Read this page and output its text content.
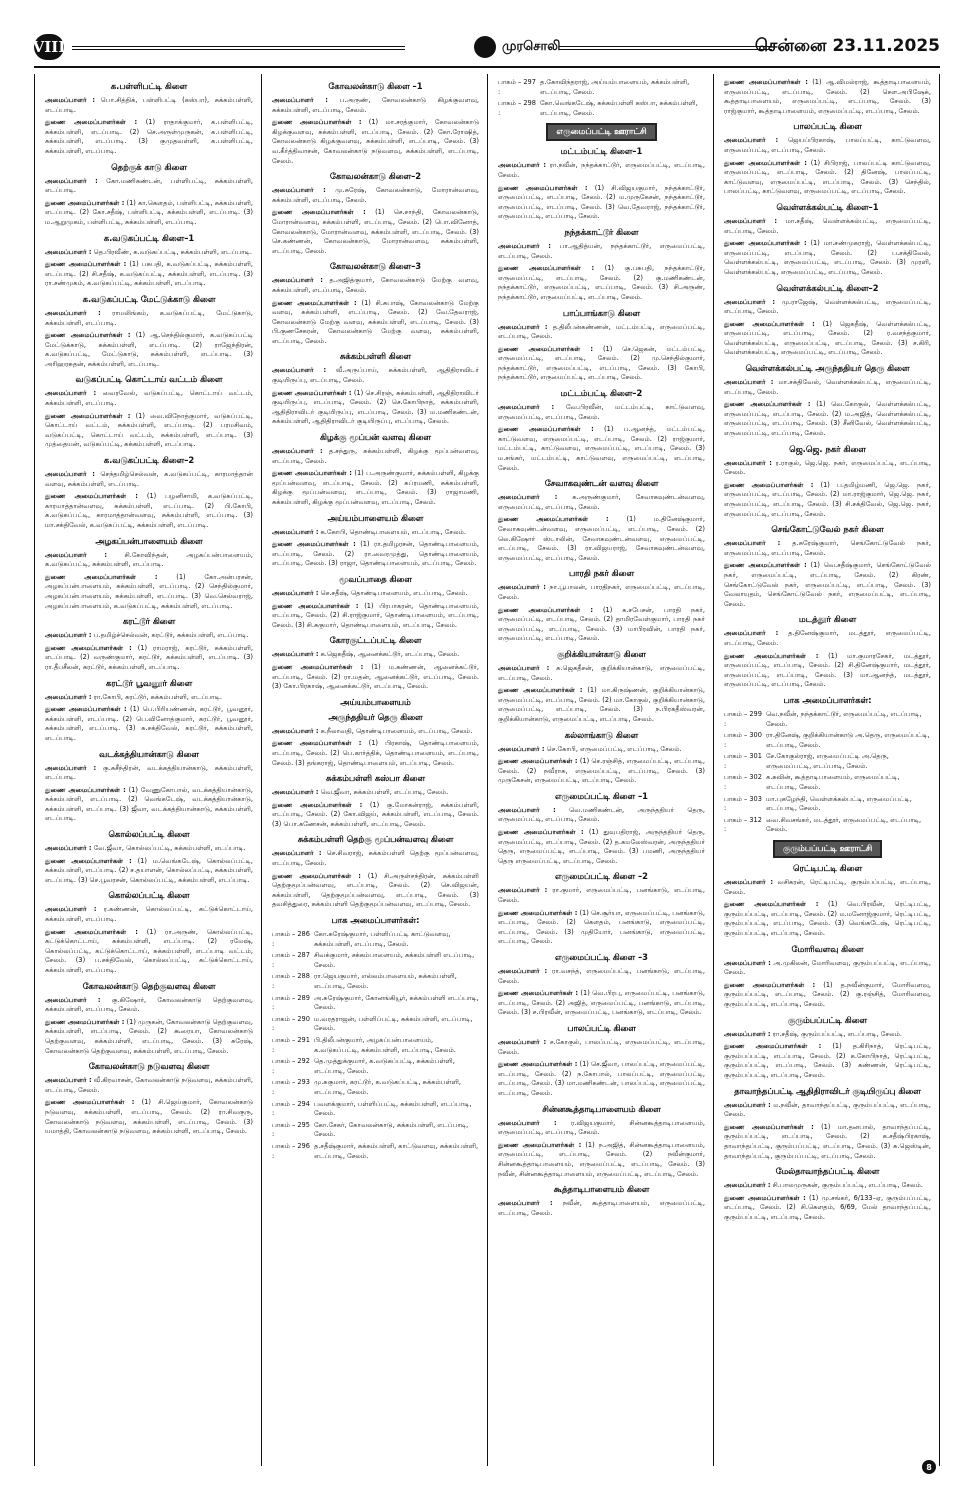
VIII	முரசொலி	சென்னை 23.11.2025
க.பள்ளிபட்டி கிளை

அமைப்பாளர் : பொ.சித்திக், பள்ளிபட்டி (கஸ்பா), சுக்கம்பள்ளி, எடப்பாடி.

துணை அமைப்பாளர்கள் : (1) ராதாக்குமார், க.பள்ளிபட்டி, சுக்கம்பள்ளி, எடப்பாடி. (2) செ.அருள்முருகன், க.பள்ளிபட்டி, சுக்கம்பள்ளி, எடப்பாடி. (3) குமுதவள்ளி, க.பள்ளிபட்டி, சுக்கம்பள்ளி, எடப்பாடி.

தெற்குக் காடு கிளை

அமைப்பாளர் : கோ.மணிகண்டன், பள்ளிபட்டி, சுக்கம்பள்ளி, எடப்பாடி.

துணை அமைப்பாளர்கள் : (1) கா.கௌதம், பள்ளிபட்டி, சுக்கம்பள்ளி, எடப்பாடி. (2) கோ.சதீஷ், பள்ளிபட்டி, சுக்கம்பள்ளி, எடப்பாடி. (3) ம.ஆறுமுகம், பள்ளிபட்டி, சுக்கம்பள்ளி, எடப்பாடி.

க.வடுகப்பட்டி கிளை–1

அமைப்பாளர் : தெ.பிரவீண், க.வடுகப்பட்டி, சுக்கம்பள்ளி, எடப்பாடி.

துணை அமைப்பாளர்கள் : (1) பசுபதி, க.வடுகப்பட்டி, சுக்கம்பள்ளி, எடப்பாடி. (2) சி.சதீஷ், க.வடுகப்பட்டி, சுக்கம்பள்ளி, எடப்பாடி. (3) ரா.சண்முகம், க.வடுகப்பட்டி, சுக்கம்பள்ளி, எடப்பாடி.

க.வடுகப்பட்டி மேட்டுக்காடு கிளை

அமைப்பாளர் : ராமலிங்கம், க.வடுகப்பட்டி, மேட்டுகாடு, சுக்கம்பள்ளி, எடப்பாடி.

துணை அமைப்பாளர்கள் : (1) ஆ.செந்தில்குமார், க.வடுகப்பட்டி மேட்டுக்காடு, சுக்கம்பள்ளி, எடப்பாடி. (2) ராஜேந்திரன், க.வடுகப்பட்டி, மேட்டுகாடு, சுக்கம்பள்ளி, எடப்பாடி. (3) அரிஹரசுதன், சுக்கம்பள்ளி, எடப்பாடி.

வடுகப்பட்டி கொட்டாய் வட்டம் கிளை

அமைப்பாளர் : வைரவேல், வடுகப்பட்டி, கொட்டாய் வட்டம், சுக்கம்பள்ளி, எடப்பாடி.

துணை அமைப்பாளர்கள் : (1) வை.விநோத்குமார், வடுகப்பட்டி, கொட்டாய் வட்டம், சுக்கம்பள்ளி, எடப்பாடி. (2) பரமசிவம், வடுகப்பட்டி, கொட்டாய் வட்டம், சுக்கம்பள்ளி, எடப்பாடி. (3) முத்தையன், வடுகப்பட்டி, சுக்கம்பள்ளி, எடப்பாடி.

க.வடுகப்பட்டி கிளை–2

அமைப்பாளர் : செந்தமிழ்செல்வன், க.வடுகப்பட்டி, காரமாத்தான் வளவு, சுக்கம்பள்ளி, எடப்பாடி.

துணை அமைப்பாளர்கள் : (1) பழனிசாமி, க.வடுகப்பட்டி, காரமாத்தான்வளவு, சுக்கம்பள்ளி, எடப்பாடி. (2) பி.கோபி, க.வடுகப்பட்டி, காரமாத்தான்வளவு, சுக்கம்பள்ளி, எடப்பாடி. (3) மா.சக்திவேல், க.வடுகப்பட்டி, சுக்கம்பள்ளி, எடப்பாடி.

அழகப்பன்பாளையம் கிளை

அமைப்பாளர் :	சி.கோவிந்தன், அழகப்பன்பாளையம், க.வடுகப்பட்டி, சுக்கம்பள்ளி, எடப்பாடி.

துணை அமைப்பாளர்கள் :	(1) கோ.அன்பரசன், அழகப்பன்பாளையம், சுக்கம்பள்ளி, எடப்பாடி. (2) செந்தில்குமார், அழகப்பன்பாளையம், சுக்கம்பள்ளி, எடப்பாடி. (3) வெ.செல்வராஜ், அழகப்பன்பாளையம், க.வடுகப்பட்டி, சுக்கம்பள்ளி, எடப்பாடி.

கரட்டூர் கிளை

அமைப்பாளர் : ப.தமிழ்ச்செல்வன், கரட்டூர், சுக்கம்பள்ளி, எடப்பாடி.

துணை அமைப்பாளர்கள் : (1) ராமராஜ், கரட்டூர், சுக்கம்பள்ளி, எடப்பாடி. (2) வருண்குமார், கரட்டூர், சுக்கம்பள்ளி, எடப்பாடி. (3) ரா.தீபசீலன், கரட்டூர், சுக்கம்பள்ளி, எடப்பாடி.

கரட்டூர் பூவனூர் கிளை

அமைப்பாளர் : ரா.கோபி, கரட்டூர், சுக்கம்பள்ளி, எடப்பாடி.

துணை அமைப்பாளர்கள் : (1) பெ.பிரியண்ணன், கரட்டூர், பூவனூர், சுக்கம்பள்ளி, எடப்பாடி. (2) பெ.வினோத்குமார், கரட்டூர், பூவனூர், சுக்கம்பள்ளி, எடப்பாடி. (3) சு.சக்திவேல், கரட்டூர், சுக்கம்பள்ளி, எடப்பாடி.

வடக்கத்தியான்காடு கிளை

அமைப்பாளர் : கு.சுசீந்திரன், வடக்கத்தியான்காடு, சுக்கம்பள்ளி, எடப்பாடி.

துணை அமைப்பாளர்கள் : (1) வேணுகோபால், வடக்கத்தியான்காடு, சுக்கம்பள்ளி, எடப்பாடி. (2) வெங்கடேஷ், வடக்கத்தியான்காடு, சுக்கம்பள்ளி, எடப்பாடி. (3) ஜீவா, வடக்கத்தியான்காடு, சுக்கம்பள்ளி, எடப்பாடி.

கொல்லப்பட்டி கிளை

அமைப்பாளர் : வே.ஜீவா, கொல்லப்பட்டி, சுக்கம்பள்ளி, எடப்பாடி.

துணை அமைப்பாளர்கள் : (1) ம.வெங்கடேஷ், கொல்லப்பட்டி, சுக்கம்பள்ளி, எடப்பாடி. (2) ச.தயாளன், கொல்லப்பட்டி, சுக்கம்பள்ளி, எடப்பாடி. (3) செ.பூவரசன், கொல்லப்பட்டி, சுக்கம்பள்ளி, எடப்பாடி.

கொல்லப்பட்டி கிளை

அமைப்பாளர் : ர.கண்ணன், கொல்லப்பட்டி, கட்டுக்கொட்டாய், சுக்கம்பள்ளி, எடப்பாடி.

துணை அமைப்பாளர்கள் : (1) ரா.அருண், கொல்லப்பட்டி, கட்டுக்கொட்டாய், சுக்கம்பள்ளி, எடப்பாடி. (2) ரமேஷ், கொல்லப்பட்டி, கட்டுக்கொட்டாய், சுக்கம்பள்ளி, எடப்பாடி வட்டம், சேலம். (3) ப.சக்திவேல், கொல்லப்பட்டி, கட்டுக்கொட்டாய், சுக்கம்பள்ளி, எடப்பாடி.

கோவலன்காடு தெற்குவளவு கிளை

அமைப்பாளர் : கு.கிஷோர், கோவலன்காடு தெற்குவளவு, சுக்கம்பள்ளி, எடப்பாடி, சேலம்.

துணை அமைப்பாளர்கள் : (1) முருகன், கோவலன்காடு தெற்குவளவு, சுக்கம்பள்ளி, எடப்பாடி, சேலம். (2) கூரையா, கோவலன்காடு தெற்குவளவு, சுக்கம்பள்ளி, எடப்பாடி, சேலம். (3) சுரேஷ், கோவலன்காடு தெற்குவளவு, சுக்கம்பள்ளி, எடப்பாடி, சேலம்.

கோவலன்காடு நடுவளவு கிளை

அமைப்பாளர் : வீ.கிரவாசன், கோவலன்காடு நடுவளவு, சுக்கம்பள்ளி, எடப்பாடி, சேலம்.

துணை அமைப்பாளர்கள் : (1) சி.ஜெய்குமார், கோவலன்காடு நடுவளவு, சுக்கம்பள்ளி, எடப்பாடி, சேலம். (2) ரா.சிவகுரு, கோவலன்காடு நடுவளவு, சுக்கம்பள்ளி, எடப்பாடி, சேலம். (3) யமாத்தி, கோவலன்காடு நடுவளவு, சுக்கம்பள்ளி, எடப்பாடி, சேலம்.

கோவலன்காடு கிளை –1

அமைப்பாளர் : ப.அருண், கோவலன்காடு கிழக்குவளவு, சுக்கம்பள்ளி, எடப்பாடி, சேலம்.

துணை அமைப்பாளர்கள் : (1) மா.சரத்குமார், கோவலன்காடு கிழக்குவளவு, சுக்கம்பள்ளி, எடப்பாடி, சேலம். (2) கோ.ரோஷித், கோவலன்காடு கிழக்குவளவு, சுக்கம்பள்ளி, எடப்பாடி, சேலம். (3) வ.கீர்த்திவாசன், கோவலன்காடு நடுவளவு, சுக்கம்பள்ளி, எடப்பாடி, சேலம்.

கோவலன்காடு கிளை–2

அமைப்பாளர் : மு.சுரேஷ், கோவலன்காடு, மோரான்வளவு, சுக்கம்பள்ளி, எடப்பாடி, சேலம்.

துணை அமைப்பாளர்கள் : (1) செ.சாந்தி, கோவலன்காடு, மோரான்வளவு, சுக்கம்பள்ளி, எடப்பாடி, சேலம். (2) பொ.வினோத், கோவலன்காடு, மோரான்வளவு, சுக்கம்பள்ளி, எடப்பாடி, சேலம். (3) செ.கண்ணன், கோவலன்காடு, மோரான்வளவு, சுக்கம்பள்ளி, எடப்பாடி, சேலம்.

கோவலன்காடு கிளை–3

அமைப்பாளர் : த.அஜித்குமார், கோவலன்காடு மேற்கு வளவு, சுக்கம்பள்ளி, எடப்பாடி, சேலம்.

துணை அமைப்பாளர்கள் : (1) சி.சுபாஷ், கோவலன்காடு மேற்கு வளவு, சுக்கம்பள்ளி, எடப்பாடி, சேலம். (2) வே.தேவராஜ், கோவலன்காடு மேற்கு வளவு, சுக்கம்பள்ளி, எடப்பாடி, சேலம். (3) பி.குணசேகரன், கோவலன்காடு மேற்கு வளவு, சுக்கம்பள்ளி, எடப்பாடி, சேலம்.

சுக்கம்பள்ளி கிளை

அமைப்பாளர் : வீ.அருப்பாய், சுக்கம்பள்ளி, ஆதிதிராவிடர் குடியிருப்பு, எடப்பாடி, சேலம்.

துணை அமைப்பாளர்கள் : (1) செ.சிரஞ், சுக்கம்பள்ளி, ஆதிதிராவிடர் குடியிருப்பு, எடப்பாடி, சேலம். (2) செ.கோபிநாத், சுக்கம்பள்ளி, ஆதிதிராவிடர் குடியிருப்பு, எடப்பாடி, சேலம். (3) ம.மணிகண்டன், சுக்கம்பள்ளி, ஆதிதிராவிடர் குடியிருப்பு, எடப்பாடி, சேலம்.

கிழக்கு மூப்பன் வளவு கிளை

அமைப்பாளர் : த.சந்துரு, சுக்கம்பள்ளி, கிழக்கு மூப்பன்வளவு, எடப்பாடி, சேலம்.

துணை அமைப்பாளர்கள் : (1) ப.அருண்குமார், சுக்கம்பள்ளி, கிழக்கு மூப்பன்வளவு, எடப்பாடி, சேலம். (2) சுப்ரமணி, சுக்கம்பள்ளி, கிழக்கு மூப்பன்வளவு, எடப்பாடி, சேலம். (3) ராஜாமணி, சுக்கம்பள்ளி, கிழக்கு மூப்பன்வளவு, எடப்பாடி, சேலம்.

அய்யம்பாளையம் கிளை

அமைப்பாளர் : க.கோபி, தொண்டிபாளையம், எடப்பாடி, சேலம்.

துணை அமைப்பாளர்கள் : (1) ரா.தமிழரசன், தொண்டிபாளையம், எடப்பாடி, சேலம். (2) ரா.வைரமுத்து, தொண்டிபாளையம், எடப்பாடி, சேலம். (3) ராஜா, தொண்டிபாளையம், எடப்பாடி, சேலம்.

மூவப்பாதை கிளை

அமைப்பாளர் : செ.சதீஷ், தொண்டிபாளையம், எடப்பாடி, சேலம்.

துணை அமைப்பாளர்கள் : (1) பிரபாகரன், தொண்டிபாளையம், எடப்பாடி, சேலம். (2) சி.ராஜ்குமார், தொண்டிபாளையம், எடப்பாடி, சேலம். (3) சி.சுகுமார், தொண்டிபாளையம், எடப்பாடி, சேலம்.

கோரகுட்டப்பட்டி கிளை

அமைப்பாளர் : க.ஜெகதீஷ், ஆனைக்கட்டூர், எடப்பாடி, சேலம்.

துணை அமைப்பாளர்கள் : (1) ம.கண்ணன், ஆனைக்கட்டூர், எடப்பாடி, சேலம். (2) ரா.மதன், ஆனைக்கட்டூர், எடப்பாடி, சேலம். (3) கோ.பிரகாஷ், ஆனைக்கட்டூர், எடப்பாடி, சேலம்.

அய்யம்பாளையம்
அருந்ததியர் தெரு கிளை

அமைப்பாளர் : க.நீலாவதி, தொண்டிபாளையம், எடப்பாடி, சேலம்.

துணை அமைப்பாளர்கள் : (1) பிரகாஷ், தொண்டிபாளையம், எடப்பாடி, சேலம். (2) பெ.கார்த்திக், தொண்டிபாளையம், எடப்பாடி, சேலம். (3) தங்கராஜ், தொண்டிபாளையம், எடப்பாடி, சேலம்.

சுக்கம்பள்ளி கஸ்பா கிளை

அமைப்பாளர் : வெ.ஜீவா, சுக்கம்பள்ளி, எடப்பாடி, சேலம்.

துணை அமைப்பாளர்கள் : (1) கு.மோகன்ராஜ், சுக்கம்பள்ளி, எடப்பாடி, சேலம். (2) கோ.விஜய், சுக்கம்பள்ளி, எடப்பாடி, சேலம். (3) பொ.கணேசன், சுக்கம்பள்ளி, எடப்பாடி, சேலம்.

சுக்கம்பள்ளி தெற்கு மூப்பன்வளவு கிளை

அமைப்பாளர் : செ.சிவராஜ், சுக்கம்பள்ளி தெற்கு மூப்பன்வளவு, எடப்பாடி, சேலம்.

துணை அமைப்பாளர்கள் : (1) சி.அருள்சந்திரன், சுக்கம்பள்ளி தெற்குமூப்பன்வளவு, எடப்பாடி, சேலம். (2) செ.விஜயன், சுக்கம்பள்ளி, தெற்குமூப்பன்வளவு, எடப்பாடி, சேலம். (3) தவசித்துரை, சுக்கம்பள்ளி தெற்குமூப்பன்வளவு, எடப்பாடி, சேலம்.

பாக அமைப்பாளர்கள்:
பாகம் – 286 :
கோ.சுரேஷ்குமார், பள்ளிப்பட்டி காட்டுவளவு, சுக்கம்பள்ளி, எடப்பாடி, சேலம்.
பாகம் – 287 :
சிவக்குமார், சக்கம்பாளையம், சுக்கம்பள்ளி எடப்பாடி, சேலம்.
பாகம் – 288 :
ரா.ஜெயகுமார், எல்லம்பாளையம், சுக்கம்பள்ளி, எடப்பாடி, சேலம்.
பாகம் – 289 :
அ.சுரேஷ்குமார், கோனங்கியூர், சுக்கம்பள்ளி எடப்பாடி, சேலம்.
பாகம் – 290 :
ம.வரதராஜன், பள்ளிப்பட்டி, சுக்கம்பள்ளி, எடப்பாடி, சேலம்.
பாகம் – 291 :
பி.திலீபன்குமார், அழகப்பன்பாளையம், க.வடுகப்பட்டி, சுக்கம்பள்ளி, எடப்பாடி, சேலம்.
பாகம் – 292 :
தெ.முத்துக்குமார், க.வடுகப்பட்டி, சுக்கம்பள்ளி, எடப்பாடி, சேலம்.
பாகம் – 293 :
மு.சுகுமார், கரட்டூர், க.வடுகப்பட்டி, சுக்கம்பள்ளி, எடப்பாடி, சேலம்.
பாகம் – 294 :
பவளக்குமார், பள்ளிப்பட்டி, சுக்கம்பள்ளி, எடப்பாடி, சேலம்.
பாகம் – 295 :
கோ.சேகர், கோவலன்காடு, சுக்கம்பள்ளி, எடப்பாடி, சேலம்.
பாகம் – 296 :
த.சதீஷ்குமார், சுக்கம்பள்ளி, காட்டுவளவு, சுக்கம்பள்ளி, எடப்பாடி, சேலம்.
பாகம் – 297 :
த.கோவிந்தராஜ், அய்யம்பாளையம், சுக்கம்பள்ளி, எடப்பாடி, சேலம்.
பாகம் – 298 :
கோ.வெங்கடேஷ், சுக்கம்பள்ளி கஸ்பா, சுக்கம்பள்ளி, எடப்பாடி, சேலம்.
எருமைப்பட்டி ஊராட்சி
மட்டம்பட்டி கிளை–1

அமைப்பாளர் : ரா.நவீன், நந்தக்காட்டூர், எருமைப்பட்டி, எடப்பாடி, சேலம்.

துணை அமைப்பாளர்கள் : (1) சி.விஜயகுமார், நந்தக்காட்டூர், எருமைப்பட்டி, எடப்பாடி, சேலம். (2) ம.முருகேசன், நந்தக்காட்டூர், எருமைப்பட்டி, எடப்பாடி, சேலம். (3) வெ.தேவராஜ், நந்தக்காட்டூர், எருமைப்பட்டி, எடப்பாடி, சேலம்.

நந்தக்காட்டூர் கிளை

அமைப்பாளர் : பா.ஆதித்யன், நந்தக்காட்டூர், எருமைப்பட்டி, எடப்பாடி, சேலம்.

துணை அமைப்பாளர்கள் : (1) கு.பசுபதி, நந்தக்காட்டூர், எருமைப்பட்டி, எடப்பாடி, சேலம். (2) கு.மணிகண்டன், நந்தக்காட்டூர், எருமைப்பட்டி, எடப்பாடி, சேலம். (3) சி.அருண், நந்தக்காட்டூர், எருமைப்பட்டி, எடப்பாடி, சேலம்.

பாப்பாங்காடு கிளை

அமைப்பாளர் : த.திலீபன்கண்ணன், மட்டம்பட்டி, எருமைப்பட்டி, எடப்பாடி, சேலம்.

துணை அமைப்பாளர்கள் : (1) செ.ஜெகன், மட்டம்பட்டி, எருமைப்பட்டி, எடப்பாடி, சேலம். (2) மு.செந்தில்குமார், நந்தக்காட்டூர், எருமைப்பட்டி, எடப்பாடி, சேலம். (3) கோபி, நந்தக்காட்டூர், எருமைப்பட்டி, எடப்பாடி, சேலம்.

மட்டம்பட்டி கிளை–2

அமைப்பாளர் : வே.பிரவீன், மட்டம்பட்டி, காட்டுவளவு, எருமைப்பட்டி, எடப்பாடி, சேலம்.

துணை அமைப்பாளர்கள் : (1) ப.ஆனந்த், மட்டம்பட்டி, காட்டுவளவு, எருமைப்பட்டி, எடப்பாடி, சேலம். (2) ராஜ்குமார், மட்டம்பட்டி, காட்டுவளவு, எருமைப்பட்டி, எடப்பாடி, சேலம். (3) ம.சங்கர், மட்டம்பட்டி, காட்டுவளவு, எருமைப்பட்டி, எடப்பாடி, சேலம்.

சேவாகவுண்டன் வளவு கிளை

அமைப்பாளர் : க.அருண்குமார், சேவாகவுண்டன்வளவு, எருமைப்பட்டி, எடப்பாடி, சேலம்.

துணை அமைப்பாளர்கள் :	(1) ம.தினேஷ்குமார், சேவாகவுண்டன்வளவு, எருமைப்பட்டி, எடப்பாடி, சேலம். (2) லெ.கிஷோர் ஸ்டாலின், சேவாகவுண்டன்வளவு, எருமைப்பட்டி, எடப்பாடி, சேலம். (3) ரா.விஜயராஜ், சேவாகவுண்டன்வளவு, எருமைப்பட்டி, எடப்பாடி, சேலம்.

பாரதி நகர் கிளை

அமைப்பாளர் : நா.பூபாலன், பாரதிநகர், எருமைப்பட்டி, எடப்பாடி, சேலம்.

துணை அமைப்பாளர்கள் : (1) க.சபேசன், பாரதி நகர், எருமைப்பட்டி, எடப்பாடி, சேலம். (2) தாமிரவேள்குமார், பாரதி நகர் எருமைப்பட்டி, எடப்பாடி, சேலம். (3) மாபிரவின், பாரதி நகர், எருமைப்பட்டி, எடப்பாடி, சேலம்.

குறிக்கியான்காடு கிளை

அமைப்பாளர் : க.ஜெகதீசன், குறிக்கியான்காடு, எருமைப்பட்டி, எடப்பாடி, சேலம்.

துணை அமைப்பாளர்கள் : (1) மா.கிருஷ்ணன், குறிக்கியான்காடு, எருமைப்பட்டி, எடப்பாடி, சேலம். (2) மா.கோகுல், குறிக்கியான்காடு, எருமைப்பட்டி, எடப்பாடி, சேலம். (3) ந.பிரகதீஸ்வரன், குறிக்கியான்காடு, எருமைப்பட்டி, எடப்பாடி, சேலம்.

கல்லாங்காடு கிளை

அமைப்பாளர் : செ.கோபி, எருமைப்பட்டி, எடப்பாடி, சேலம்.

துணை அமைப்பாளர்கள் : (1) செ.ரஞ்சித், எருமைப்பட்டி, எடப்பாடி, சேலம். (2) நவீராசு, எருமைப்பட்டி, எடப்பாடி, சேலம். (3) முருகேசன், எருமைப்பட்டி, எடப்பாடி, சேலம்.

எருமைப்பட்டி கிளை –1

அமைப்பாளர் : வெ.மணிகண்டன், அருந்ததியர் தெரு, எருமைப்பட்டி, எடப்பாடி, சேலம்.

துணை அமைப்பாளர்கள் : (1) துவுபதிராஜ், அருந்ததியர் தெரு, எருமைப்பட்டி, எடப்பாடி, சேலம். (2) த.கமலேஸ்வரன், அருந்ததியர் தெரு, எருமைப்பட்டி, எடப்பாடி, சேலம். (3) பமணி, அருந்ததியர் தெரு எருமைப்பட்டி, எடப்பாடி, சேலம்.

எருமைப்பட்டி கிளை –2

அமைப்பாளர் : ரா.குமார், எருமைப்பட்டி, பனங்காடு, எடப்பாடி, சேலம்.

துணை அமைப்பாளர்கள் : (1) செ.சூர்யா, எருமைப்பட்டி, பனங்காடு, எடப்பாடி, சேலம். (2) கௌதம், பனங்காடு, எருமைப்பட்டி, எடப்பாடி, சேலம். (3) முதியோர், பனங்காடு, எருமைப்பட்டி, எடப்பாடி, சேலம்.

எருமைப்பட்டி கிளை –3

அமைப்பாளர் : ரா.வசந்த், எருமைப்பட்டி, பனங்காடு, எடப்பாடி, சேலம்.

துணை அமைப்பாளர்கள் : (1) வெ.பிரபு, எருமைப்பட்டி, பனங்காடு, எடப்பாடி, சேலம். (2) அஜித், எருமைப்பட்டி, பனங்காடு, எடப்பாடி, சேலம். (3) ச.பிரவீன், எருமைப்பட்டி, பனங்காடு, எடப்பாடி, சேலம்.

பாலப்பட்டி கிளை

அமைப்பாளர் : ச.கோகுல், பாலப்பட்டி, எருமைப்பட்டி, எடப்பாடி, சேலம்.

துணை அமைப்பாளர்கள் : (1) செ.ஜீவா, பாலப்பட்டி, எருமைப்பட்டி, எடப்பாடி, சேலம். (2) ந.கோபால், பாலப்பட்டி, எருமைப்பட்டி, எடப்பாடி, சேலம். (3) மா.மணிகண்டன், பாலப்பட்டி, எருமைப்பட்டி, எடப்பாடி, சேலம்.

சின்னகூத்தாடிபாளையம் கிளை

அமைப்பாளர் : ர.விஜயகுமார், சின்னகூத்தாடிபாளையம், எருமைப்பட்டி, எடப்பாடி, சேலம்.

துணை அமைப்பாளர்கள் : (1) ந.அஜித், சின்னகூத்தாடிபாளையம், எருமைப்பட்டி, எடப்பாடி, சேலம். (2) நவீன்குமார், சின்னகூத்தாடிபாளையம், எருமைப்பட்டி, எடப்பாடி, சேலம். (3) நவீன், சின்னகூத்தாடிபாளையம், எருமைப்பட்டி, எடப்பாடி, சேலம்.

கூத்தாடிபாளையம் கிளை

அமைப்பாளர் : நவீன், கூத்தாடிபாளையம், எருமைப்பட்டி, எடப்பாடி, சேலம்.

துணை அமைப்பாளர்கள் : (1) ஆ.விமல்ராஜ், கூத்தாடிபாளையம், எருமைப்பட்டி, எடப்பாடி, சேலம். (2) செள.அபிஷேக், கூத்தாடிபாளையம், எருமைப்பட்டி, எடப்பாடி, சேலம். (3) ராஜ்குமார், கூத்தாடிபாளையம், எருமைப்பட்டி, எடப்பாடி, சேலம்.

பாலப்பட்டி கிளை

அமைப்பாளர் : ஜெயப்பிரகாஷ், பாலப்பட்டி, காட்டுவளவு, எருமைப்பட்டி, எடப்பாடி, சேலம்.

துணை அமைப்பாளர்கள் : (1) சிபிராஜ், பாலப்பட்டி காட்டுவளவு, எருமைப்பட்டி, எடப்பாடி, சேலம். (2) தினேஷ், பாலப்பட்டி, காட்டுவளவு, எருமைப்பட்டி, எடப்பாடி, சேலம். (3) செந்தில், பாலப்பட்டி, காட்டுவளவு, எருமைப்பட்டி, எடப்பாடி, சேலம்.

வெள்ளக்கல்பட்டி கிளை–1

அமைப்பாளர் : மா.சதீஷ், வெள்ளக்கல்பட்டி, எருமைப்பட்டி, எடப்பாடி, சேலம்.

துணை அமைப்பாளர்கள் : (1) மா.சண்முகராஜ், வெள்ளக்கல்பட்டி, எருமைப்பட்டி, எடப்பாடி, சேலம். (2) ப.சக்திவேல், வெள்ளக்கல்பட்டி, எருமைப்பட்டி, எடப்பாடி, சேலம். (3) முரளி, வெள்ளக்கல்பட்டி, எருமைப்பட்டி, எடப்பாடி, சேலம்.

வெள்ளக்கல்பட்டி கிளை–2

அமைப்பாளர் : மு.ராஜேஷ், வெள்ளக்கல்பட்டி, எருமைப்பட்டி, எடப்பாடி, சேலம்.

துணை அமைப்பாளர்கள் : (1) ஜெகதீஷ், வெள்ளக்கல்பட்டி, எருமைப்பட்டி, எடப்பாடி, சேலம். (2) ர.வசந்த்குமார், வெள்ளக்கல்பட்டி, எருமைப்பட்டி, எடப்பாடி, சேலம். (3) ச.கிரி, வெள்ளக்கல்பட்டி, எருமைப்பட்டி, எடப்பாடி, சேலம்.

வெள்ளக்கல்பட்டி அருந்ததியர் தெரு கிளை

அமைப்பாளர் : மா.சக்திவேல், வெள்ளக்கல்பட்டி, எருமைப்பட்டி, எடப்பாடி, சேலம்.

துணை அமைப்பாளர்கள் : (1) வெ.கோகுல், வெள்ளக்கல்பட்டி, எருமைப்பட்டி, எடப்பாடி, சேலம். (2) ம.அஜித், வெள்ளக்கல்பட்டி, எருமைப்பட்டி, எடப்பாடி, சேலம். (3) சீனிவேல், வெள்ளக்கல்பட்டி, எருமைப்பட்டி, எடப்பாடி, சேலம்.

ஜெ.ஜெ. நகர் கிளை

அமைப்பாளர் : ர.ராகுல், ஜெ.ஜெ. நகர், எருமைப்பட்டி, எடப்பாடி, சேலம்.

துணை அமைப்பாளர்கள் : (1) ப.தமிழ்மணி, ஜெ.ஜெ. நகர், எருமைப்பட்டி, எடப்பாடி, சேலம். (2) மா.ராஜ்குமார், ஜெ.ஜெ. நகர், எருமைப்பட்டி, எடப்பாடி, சேலம். (3) சி.சக்திவேல், ஜெ.ஜெ. நகர், எருமைப்பட்டி, எடப்பாடி, சேலம்.

செங்கோட்டுவேல் நகர் கிளை

அமைப்பாளர் : த.சுரேஷ்குமார், செங்கோட்டுவேல் நகர், எருமைப்பட்டி, எடப்பாடி, சேலம்.

துணை அமைப்பாளர்கள் : (1) வெ.சதீஷ்குமார், செங்கோட்டுவேல் நகர், எருமைப்பட்டி, எடப்பாடி, சேலம். (2) கிரண், செங்கோட்டுவேல் நகர், எருமைப்பட்டி, எடப்பாடி, சேலம். (3) வேலாயுதம், செங்கோட்டுவேல் நகர், எருமைப்பட்டி, எடப்பாடி, சேலம்.

மடத்தூர் கிளை

அமைப்பாளர் : த.தினேஷ்குமார், மடத்தூர், எருமைப்பட்டி, எடப்பாடி, சேலம்.

துணை அமைப்பாளர்கள் : (1) மா.குமாரசேகர், மடத்தூர், எருமைப்பட்டி, எடப்பாடி, சேலம். (2) சி.தினேஷ்குமார், மடத்தூர், எருமைப்பட்டி, எடப்பாடி, சேலம். (3) மா.ஆனந்த், மடத்தூர், எருமைப்பட்டி, எடப்பாடி, சேலம்.

பாக அமைப்பாளர்கள்:
பாகம் – 299 :
வெ.நவீன், நந்தக்காட்டூர், எருமைப்பட்டி, எடப்பாடி, சேலம்.
பாகம் – 300 :
ரா.தினேஷ், குறிக்கியான்காடு அ.தெரு, எருமைப்பட்டி, எடப்பாடி, சேலம்.
பாகம் – 301 :
சே.கோகுல்ராஜ், எருமைப்பட்டி அ.தெரு, எருமைப்பட்டி, எடப்பாடி, சேலம்.
பாகம் – 302 :
க.சுவின், கூத்தாடிபாளையம், எருமைப்பட்டி, எடப்பாடி, சேலம்.
பாகம் – 303 :
மா.புகழேந்தி, வெள்ளக்கல்பட்டி, எருமைப்பட்டி, எடப்பாடி, சேலம்.
பாகம் – 312 :
வை.சிவசங்கர், மடத்தூர், எருமைப்பட்டி, எடப்பாடி, சேலம்.
குரும்பப்பட்டி ஊராட்சி
ரெட்டிபட்டி கிளை

அமைப்பாளர் : வசிகரன், ரெட்டிபட்டி, குரும்பப்பட்டி, எடப்பாடி, சேலம்.

துணை அமைப்பாளர்கள் : (1) வெ.பிரவீன், ரெட்டிபட்டி, குரும்பப்பட்டி, எடப்பாடி, சேலம். (2) ம.மனோஜ்குமார், ரெட்டிபட்டி, குரும்பப்பட்டி, எடப்பாடி, சேலம். (3) வெங்கடேஷ், ரெட்டிபட்டி, குரும்பப்பட்டி, எடப்பாடி, சேலம்.

மோரிவளவு கிளை

அமைப்பாளர் : அ.முகிலன், மோரிவளவு, குரும்பப்பட்டி, எடப்பாடி, சேலம்.

துணை அமைப்பாளர்கள் : (1) த.நவீன்குமார், மோரிவளவு, குரும்பப்பட்டி, எடப்பாடி, சேலம். (2) கு.ரஞ்சித், மோரிவளவு, குரும்பப்பட்டி, எடப்பாடி, சேலம்.

குரும்பப்பட்டி கிளை

அமைப்பாளர் : ரா.சதீஷ், குரும்பப்பட்டி, எடப்பாடி, சேலம்.

துணை அமைப்பாளர்கள் : (1) த.கிரிநாத், ரெட்டிபட்டி, குரும்பப்பட்டி, எடப்பாடி, சேலம். (2) க.கோபிநாத், ரெட்டிபட்டி, குரும்பப்பட்டி, எடப்பாடி, சேலம். (3) கண்ணன், ரெட்டிபட்டி, குரும்பப்பட்டி, எடப்பாடி, சேலம்.

தாவாந்தப்பட்டி ஆதிதிராவிடர் குடியிருப்பு கிளை

அமைப்பாளர் : ம.நவீன், தாவாந்தப்பட்டி, குரும்பப்பட்டி, எடப்பாடி, சேலம்.

துணை அமைப்பாளர்கள் : (1) மா.தனபால், தாவாந்தப்பட்டி, குரும்பப்பட்டி, எடப்பாடி, சேலம். (2) க.சதீஷ்பிரகாஷ், தாவாந்தப்பட்டி, குரும்பப்பட்டி, எடப்பாடி, சேலம். (3) சு.ஜெஸ்டின், தாவாந்தப்பட்டி, குரும்பப்பட்டி, எடப்பாடி, சேலம்.

மேல்தாவாந்தப்பட்டி கிளை

அமைப்பாளர் : சி.பாலமுருகன், குரும்பப்பட்டி, எடப்பாடி, சேலம்.

துணை அமைப்பாளர்கள் : (1) மு.சங்கர், 6/133–ஏ, குரும்பப்பட்டி, எடப்பாடி, சேலம். (2) சி.கௌதம், 6/69, மேல் தாவாந்தப்பட்டி, குரும்பப்பட்டி, எடப்பாடி, சேலம்.

8
